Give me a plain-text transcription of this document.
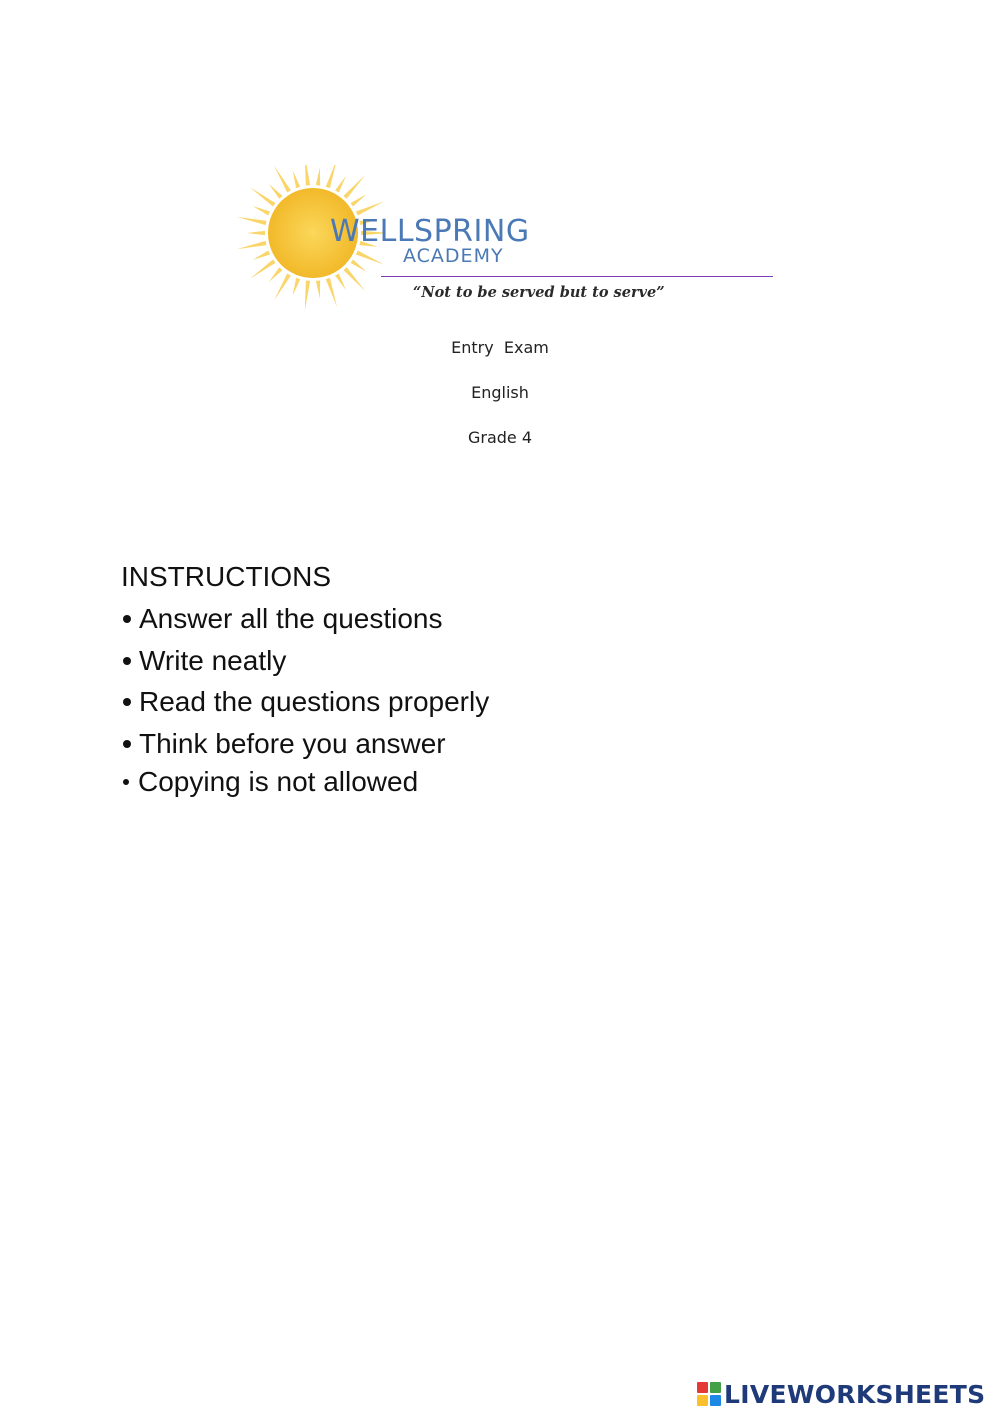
WELLSPRING
ACADEMY
“Not to be served but to serve”
Entry  Exam
English
Grade 4
INSTRUCTIONS
Answer all the questions
Write neatly
Read the questions properly
Think before you answer
Copying is not allowed
LIVEWORKSHEETS
